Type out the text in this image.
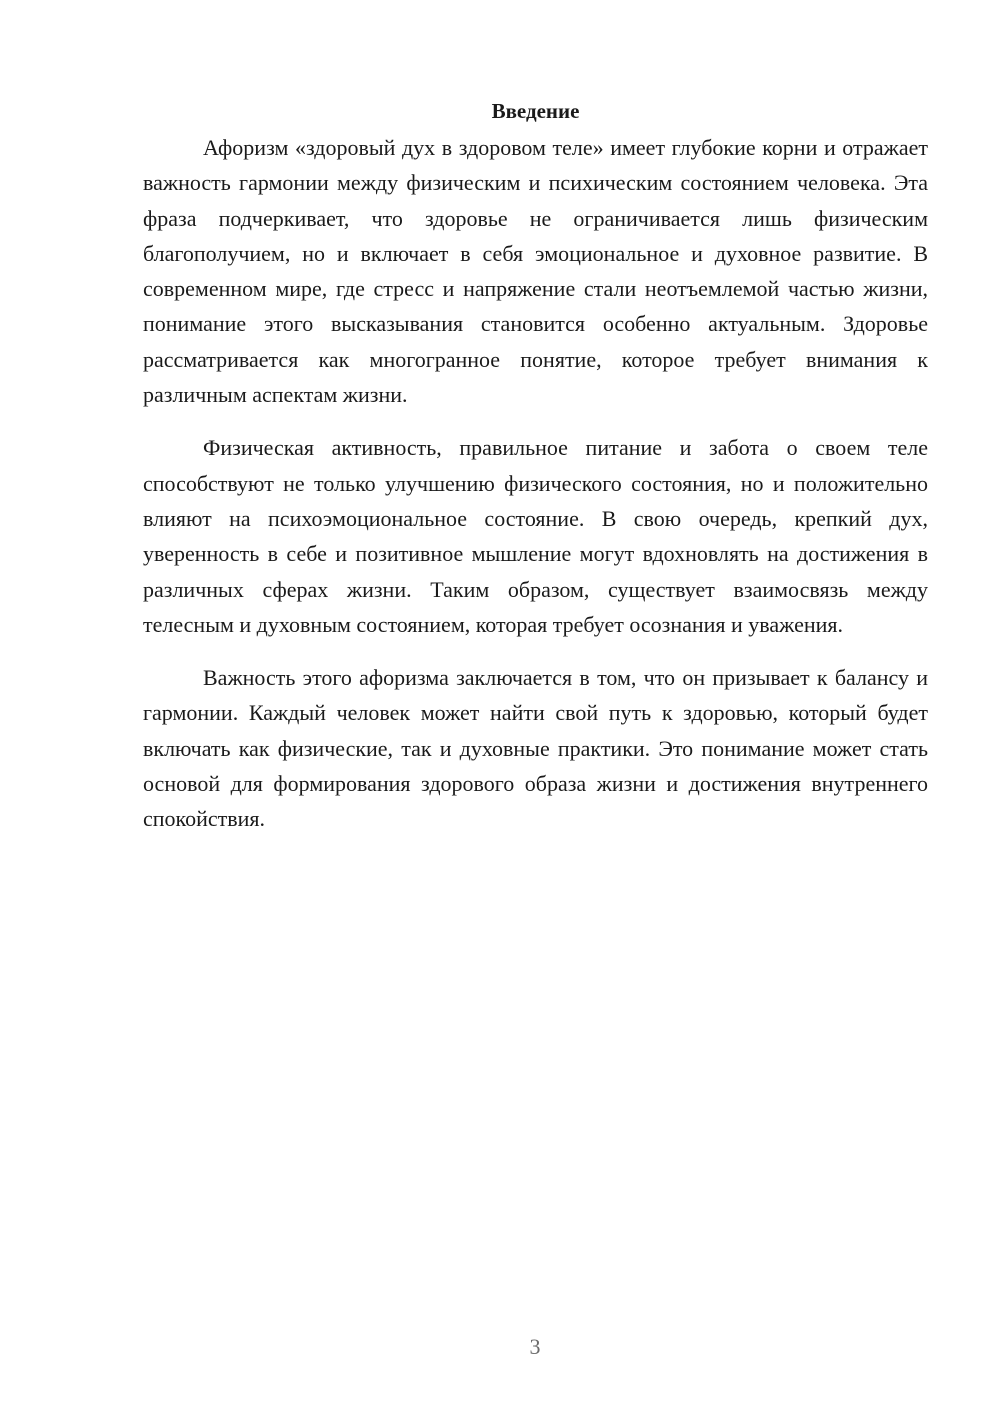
Введение

Афоризм «здоровый дух в здоровом теле» имеет глубокие корни и отражает важность гармонии между физическим и психическим состоянием человека. Эта фраза подчеркивает, что здоровье не ограничивается лишь физическим благополучием, но и включает в себя эмоциональное и духовное развитие. В современном мире, где стресс и напряжение стали неотъемлемой частью жизни, понимание этого высказывания становится особенно актуальным. Здоровье рассматривается как многогранное понятие, которое требует внимания к различным аспектам жизни.

Физическая активность, правильное питание и забота о своем теле способствуют не только улучшению физического состояния, но и положительно влияют на психоэмоциональное состояние. В свою очередь, крепкий дух, уверенность в себе и позитивное мышление могут вдохновлять на достижения в различных сферах жизни. Таким образом, существует взаимосвязь между телесным и духовным состоянием, которая требует осознания и уважения.

Важность этого афоризма заключается в том, что он призывает к балансу и гармонии. Каждый человек может найти свой путь к здоровью, который будет включать как физические, так и духовные практики. Это понимание может стать основой для формирования здорового образа жизни и достижения внутреннего спокойствия.

3
